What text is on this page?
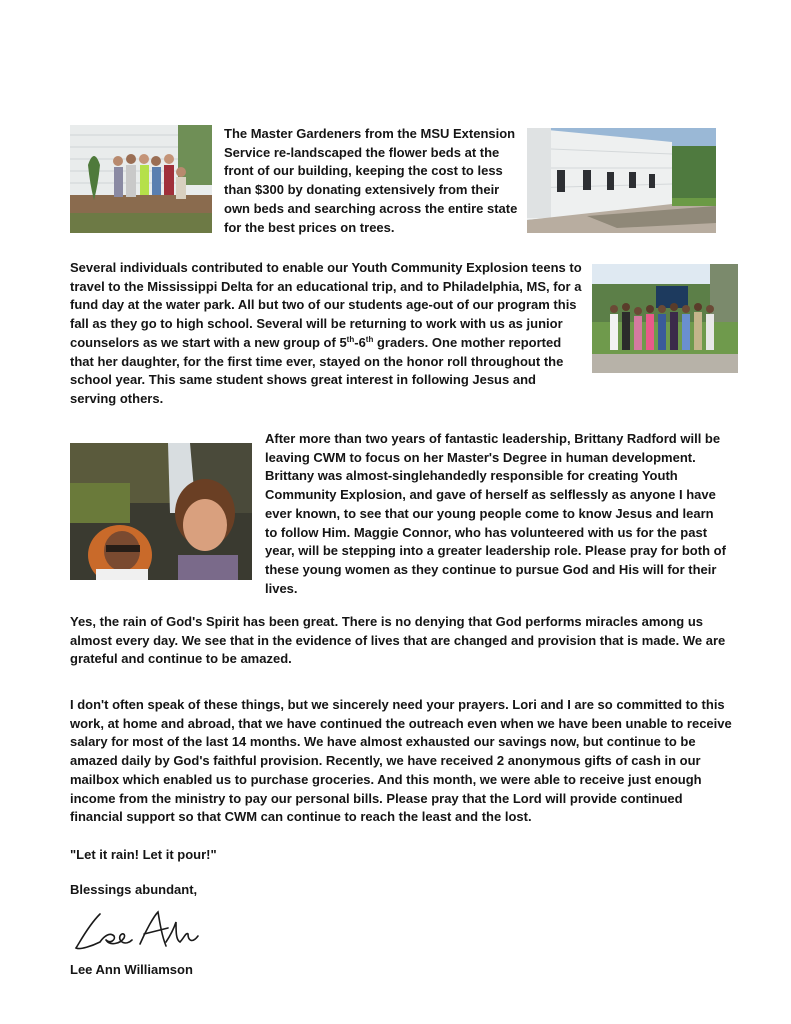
The Master Gardeners from the MSU Extension Service re-landscaped the flower beds at the front of our building, keeping the cost to less than $300 by donating extensively from their own beds and searching across the entire state for the best prices on trees.

Several individuals contributed to enable our Youth Community Explosion teens to travel to the Mississippi Delta for an educational trip, and to Philadelphia, MS, for a fund day at the water park. All but two of our students age-out of our program this fall as they go to high school. Several will be returning to work with us as junior counselors as we start with a new group of 5th-6th graders. One mother reported that her daughter, for the first time ever, stayed on the honor roll throughout the school year. This same student shows great interest in following Jesus and serving others.

After more than two years of fantastic leadership, Brittany Radford will be leaving CWM to focus on her Master's Degree in human development. Brittany was almost-singlehandedly responsible for creating Youth Community Explosion, and gave of herself as selflessly as anyone I have ever known, to see that our young people come to know Jesus and learn to follow Him. Maggie Connor, who has volunteered with us for the past year, will be stepping into a greater leadership role. Please pray for both of these young women as they continue to pursue God and His will for their lives.

Yes, the rain of God's Spirit has been great. There is no denying that God performs miracles among us almost every day. We see that in the evidence of lives that are changed and provision that is made. We are grateful and continue to be amazed.

I don't often speak of these things, but we sincerely need your prayers. Lori and I are so committed to this work, at home and abroad, that we have continued the outreach even when we have been unable to receive salary for most of the last 14 months. We have almost exhausted our savings now, but continue to be amazed daily by God's faithful provision. Recently, we have received 2 anonymous gifts of cash in our mailbox which enabled us to purchase groceries. And this month, we were able to receive just enough income from the ministry to pay our personal bills. Please pray that the Lord will provide continued financial support so that CWM can continue to reach the least and the lost.

"Let it rain! Let it pour!"

Blessings abundant,

Lee Ann Williamson
